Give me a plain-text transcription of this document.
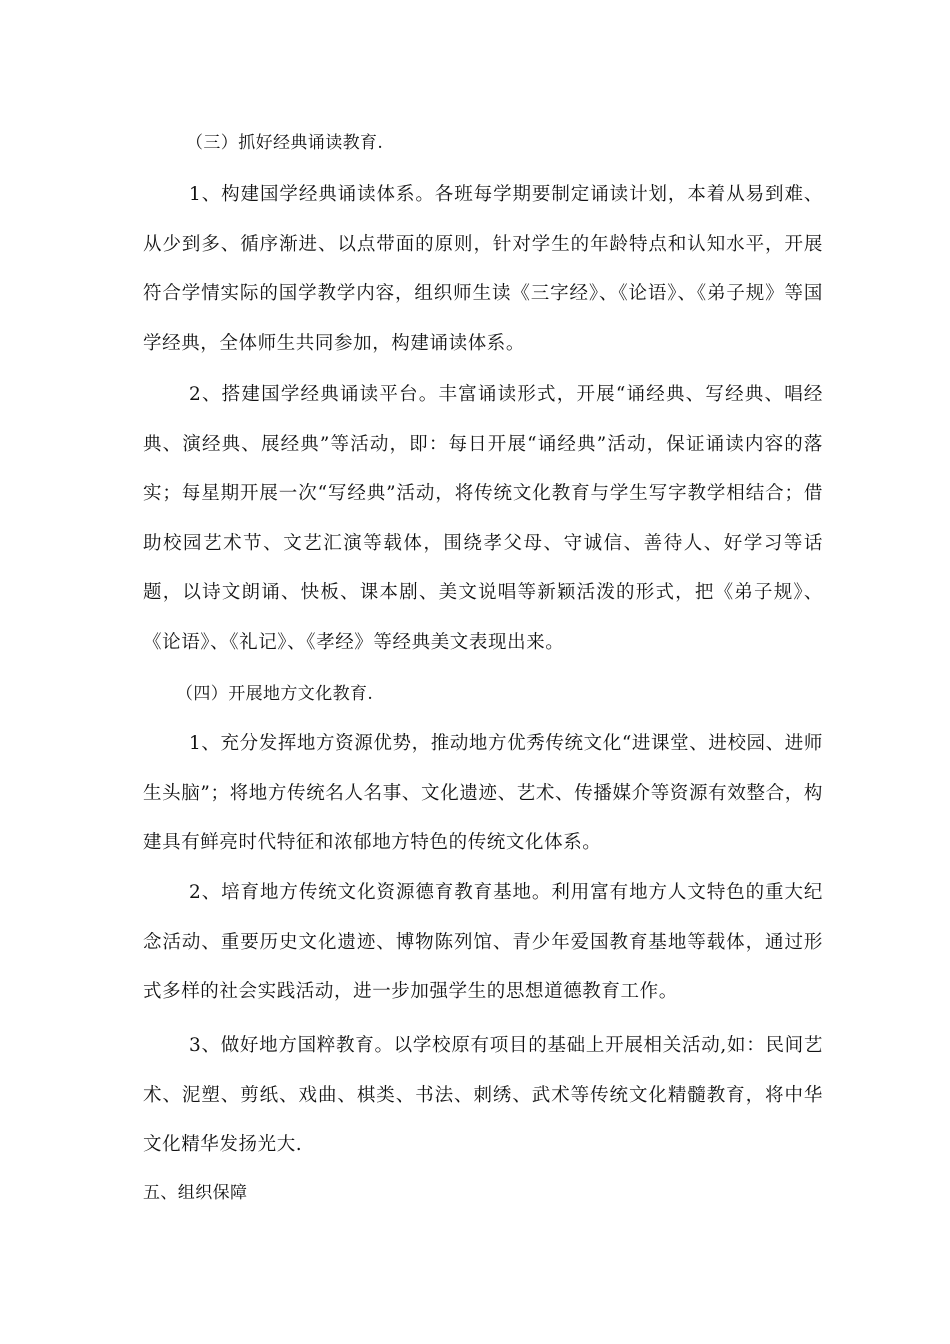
（三）抓好经典诵读教育.

1、构建国学经典诵读体系。各班每学期要制定诵读计划，本着从易到难、从少到多、循序渐进、以点带面的原则，针对学生的年龄特点和认知水平，开展符合学情实际的国学教学内容，组织师生读《三字经》、《论语》、《弟子规》等国学经典，全体师生共同参加，构建诵读体系。

2、搭建国学经典诵读平台。丰富诵读形式，开展“诵经典、写经典、唱经典、演经典、展经典”等活动，即：每日开展“诵经典”活动，保证诵读内容的落实；每星期开展一次“写经典”活动，将传统文化教育与学生写字教学相结合；借助校园艺术节、文艺汇演等载体，围绕孝父母、守诚信、善待人、好学习等话题，以诗文朗诵、快板、课本剧、美文说唱等新颖活泼的形式，把《弟子规》、《论语》、《礼记》、《孝经》等经典美文表现出来。

（四）开展地方文化教育.

1、充分发挥地方资源优势，推动地方优秀传统文化“进课堂、进校园、进师生头脑”；将地方传统名人名事、文化遗迹、艺术、传播媒介等资源有效整合，构建具有鲜亮时代特征和浓郁地方特色的传统文化体系。

2、培育地方传统文化资源德育教育基地。利用富有地方人文特色的重大纪念活动、重要历史文化遗迹、博物陈列馆、青少年爱国教育基地等载体，通过形式多样的社会实践活动，进一步加强学生的思想道德教育工作。

3、做好地方国粹教育。以学校原有项目的基础上开展相关活动,如：民间艺术、泥塑、剪纸、戏曲、棋类、书法、刺绣、武术等传统文化精髓教育，将中华文化精华发扬光大.

五、组织保障
